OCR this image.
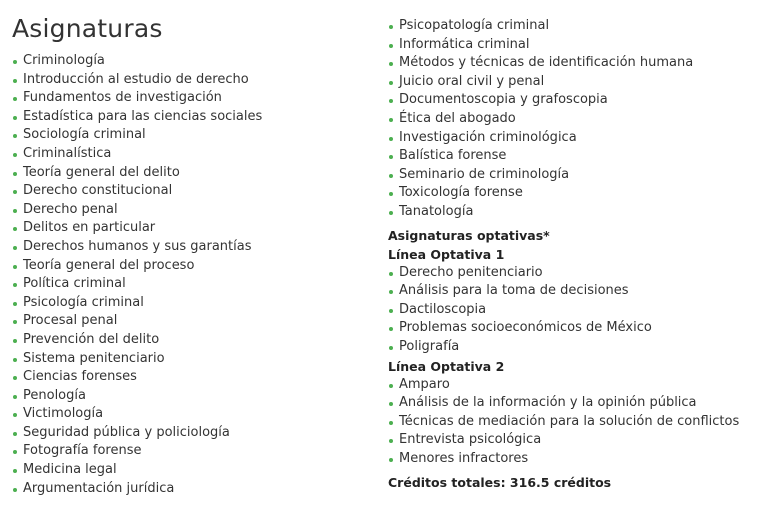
Asignaturas
Criminología
Introducción al estudio de derecho
Fundamentos de investigación
Estadística para las ciencias sociales
Sociología criminal
Criminalística
Teoría general del delito
Derecho constitucional
Derecho penal
Delitos en particular
Derechos humanos y sus garantías
Teoría general del proceso
Política criminal
Psicología criminal
Procesal penal
Prevención del delito
Sistema penitenciario
Ciencias forenses
Penología
Victimología
Seguridad pública y policiología
Fotografía forense
Medicina legal
Argumentación jurídica
Psicopatología criminal
Informática criminal
Métodos y técnicas de identificación humana
Juicio oral civil y penal
Documentoscopia y grafoscopia
Ética del abogado
Investigación criminológica
Balística forense
Seminario de criminología
Toxicología forense
Tanatología
Asignaturas optativas*
Línea Optativa 1
Derecho penitenciario
Análisis para la toma de decisiones
Dactiloscopia
Problemas socioeconómicos de México
Poligrafía
Línea Optativa 2
Amparo
Análisis de la información y la opinión pública
Técnicas de mediación para la solución de conflictos
Entrevista psicológica
Menores infractores
Créditos totales: 316.5 créditos
